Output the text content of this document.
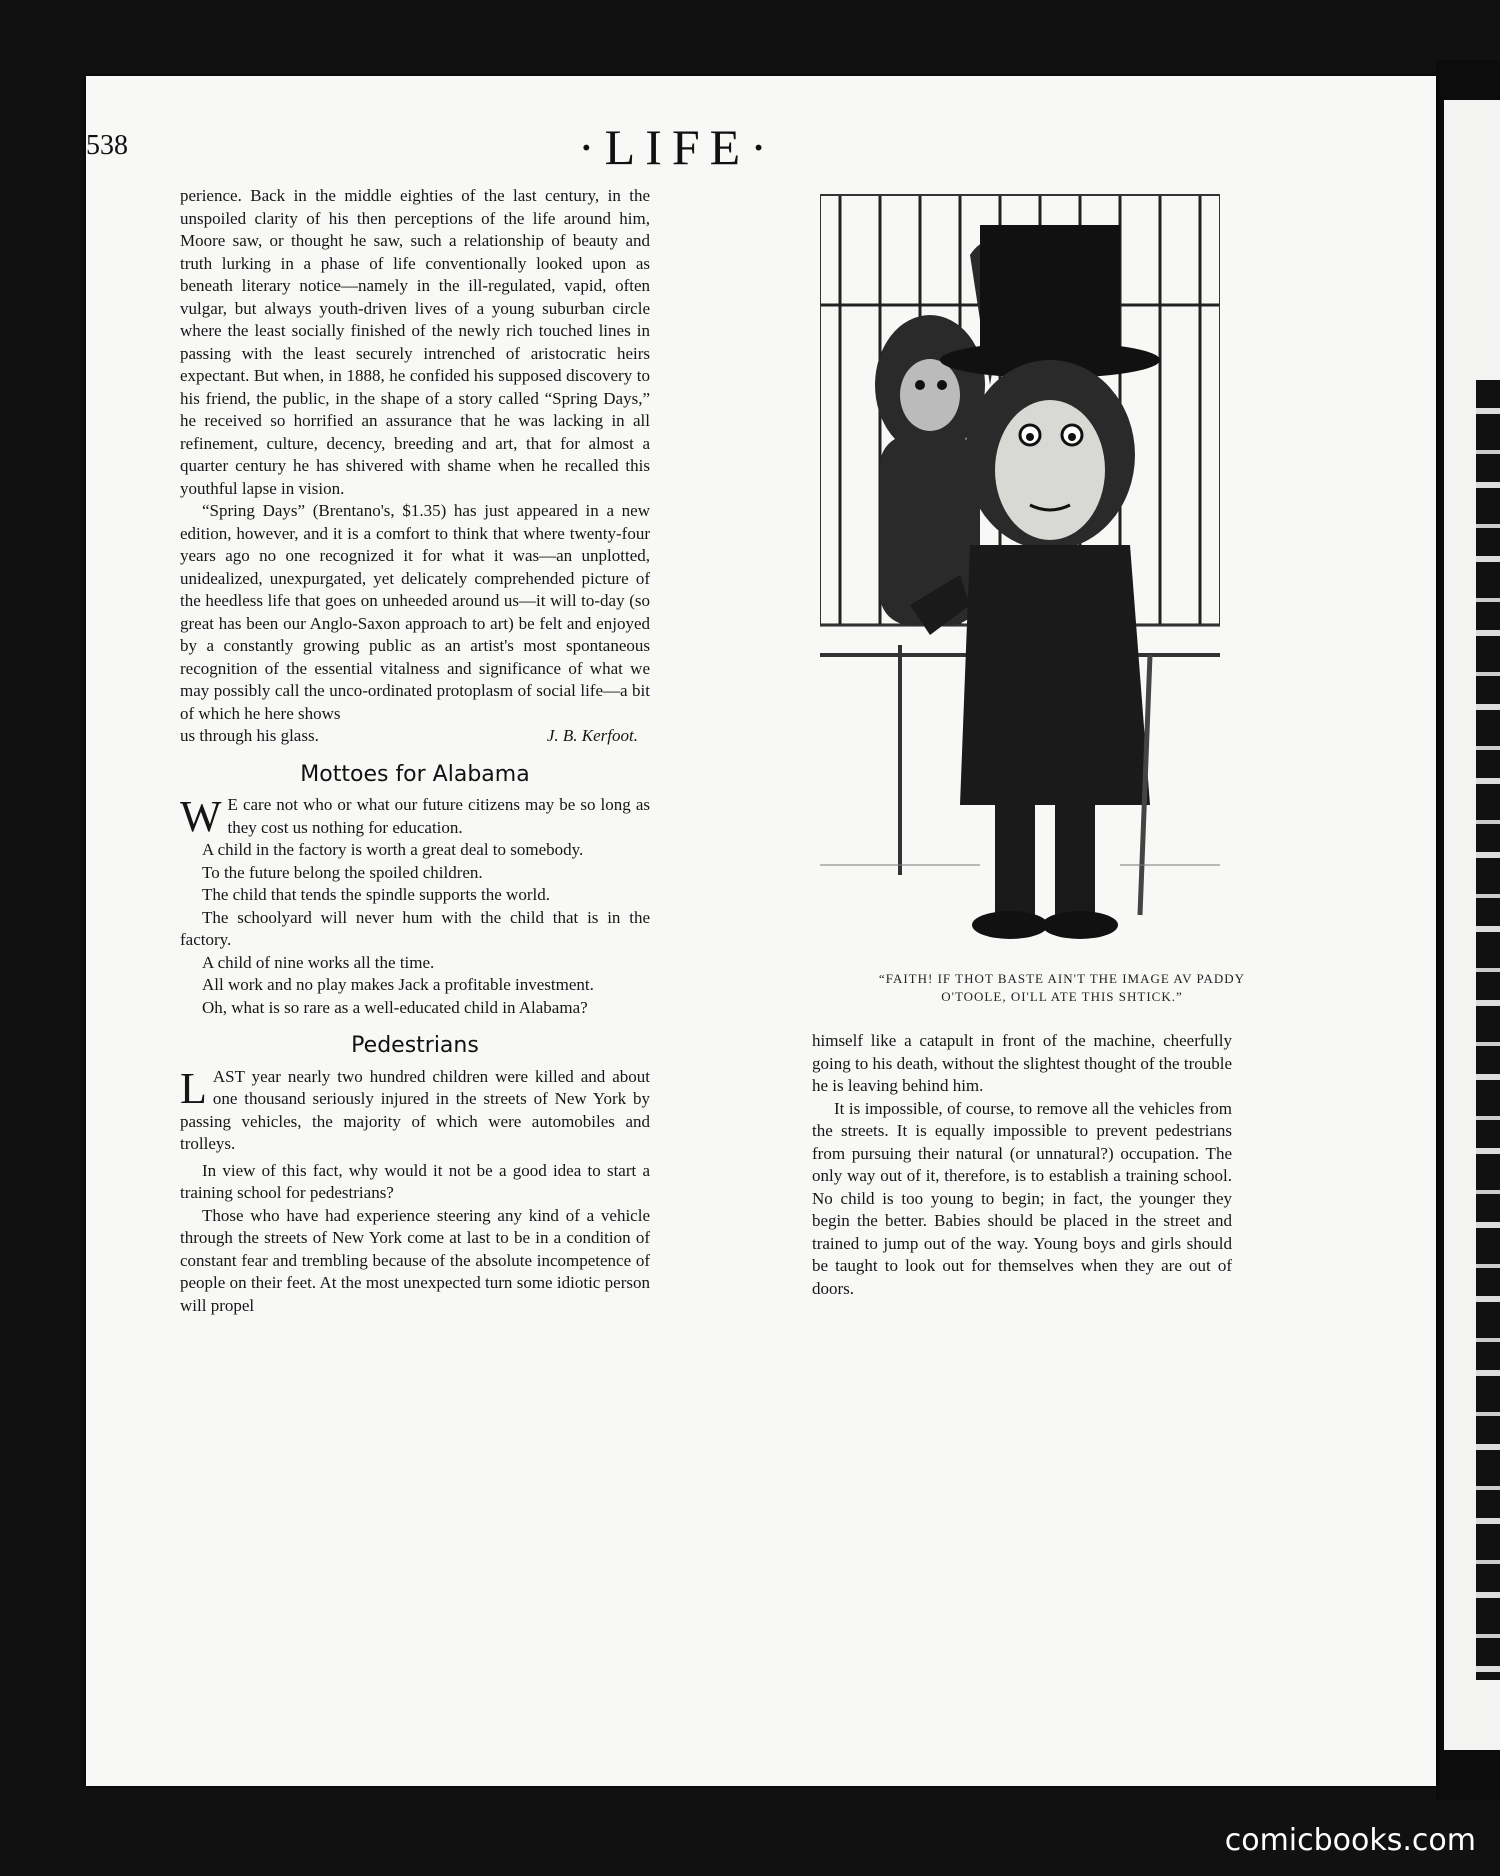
538	·LIFE·

perience. Back in the middle eighties of the last century, in the unspoiled clarity of his then perceptions of the life around him, Moore saw, or thought he saw, such a relationship of beauty and truth lurking in a phase of life conventionally looked upon as beneath literary notice—namely in the ill-regulated, vapid, often vulgar, but always youth-driven lives of a young suburban circle where the least socially finished of the newly rich touched lines in passing with the least securely intrenched of aristocratic heirs expectant. But when, in 1888, he confided his supposed discovery to his friend, the public, in the shape of a story called “Spring Days,” he received so horrified an assurance that he was lacking in all refinement, culture, decency, breeding and art, that for almost a quarter century he has shivered with shame when he recalled this youthful lapse in vision.

“Spring Days” (Brentano's, $1.35) has just appeared in a new edition, however, and it is a comfort to think that where twenty-four years ago no one recognized it for what it was—an unplotted, unidealized, unexpurgated, yet delicately comprehended picture of the heedless life that goes on unheeded around us—it will to-day (so great has been our Anglo-Saxon approach to art) be felt and enjoyed by a constantly growing public as an artist's most spontaneous recognition of the essential vitalness and significance of what we may possibly call the unco-ordinated protoplasm of social life—a bit of which he here shows

us through his glass.	J. B. Kerfoot.
Mottoes for Alabama

W E care not who or what our future citizens may be so long as they cost us nothing for education.

A child in the factory is worth a great deal to somebody.

To the future belong the spoiled children.

The child that tends the spindle supports the world.

The schoolyard will never hum with the child that is in the factory.

A child of nine works all the time.

All work and no play makes Jack a profitable investment.

Oh, what is so rare as a well-educated child in Alabama?

Pedestrians

LAST year nearly two hundred children were killed and about one thousand seriously injured in the streets of New York by passing vehicles, the majority of which were automobiles and trolleys.

In view of this fact, why would it not be a good idea to start a training school for pedestrians?

Those who have had experience steering any kind of a vehicle through the streets of New York come at last to be in a condition of constant fear and trembling because of the absolute incompetence of people on their feet. At the most unexpected turn some idiotic person will propel

“FAITH! IF THOT BASTE AIN'T THE IMAGE AV PADDY
O'TOOLE, OI'LL ATE THIS SHTICK.”

himself like a catapult in front of the machine, cheerfully going to his death, without the slightest thought of the trouble he is leaving behind him.

It is impossible, of course, to remove all the vehicles from the streets. It is equally impossible to prevent pedestrians from pursuing their natural (or unnatural?) occupation. The only way out of it, therefore, is to establish a training school. No child is too young to begin; in fact, the younger they begin the better. Babies should be placed in the street and trained to jump out of the way. Young boys and girls should be taught to look out for themselves when they are out of doors.

comicbooks.com
